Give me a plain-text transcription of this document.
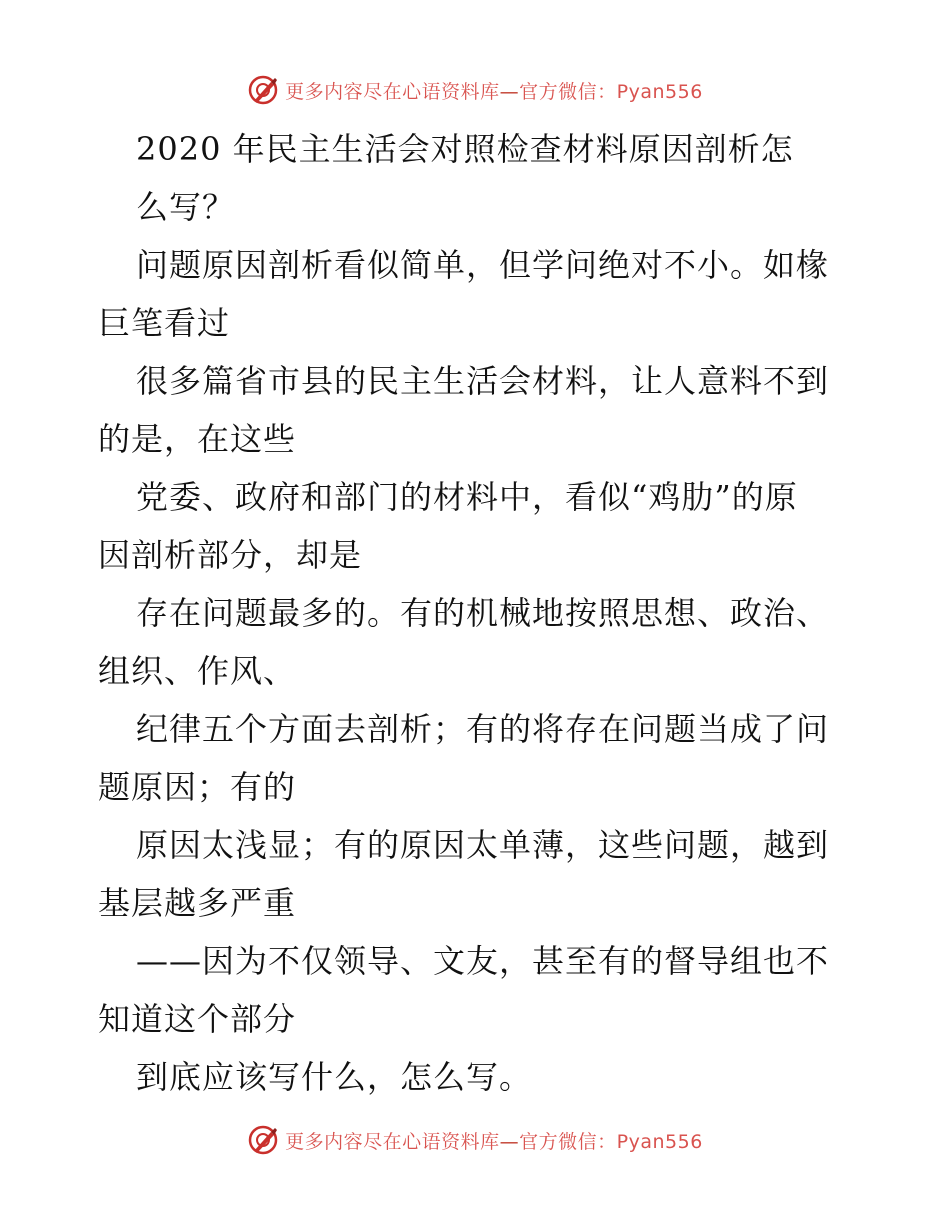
更多内容尽在心语资料库—官方微信：Pyan556
2020 年民主生活会对照检查材料原因剖析怎
么写？
问题原因剖析看似简单，但学问绝对不小。如椽
巨笔看过
很多篇省市县的民主生活会材料，让人意料不到
的是，在这些
党委、政府和部门的材料中，看似“鸡肋”的原
因剖析部分，却是
存在问题最多的。有的机械地按照思想、政治、
组织、作风、
纪律五个方面去剖析；有的将存在问题当成了问
题原因；有的
原因太浅显；有的原因太单薄，这些问题，越到
基层越多严重
——因为不仅领导、文友，甚至有的督导组也不
知道这个部分
到底应该写什么，怎么写。
更多内容尽在心语资料库—官方微信：Pyan556
